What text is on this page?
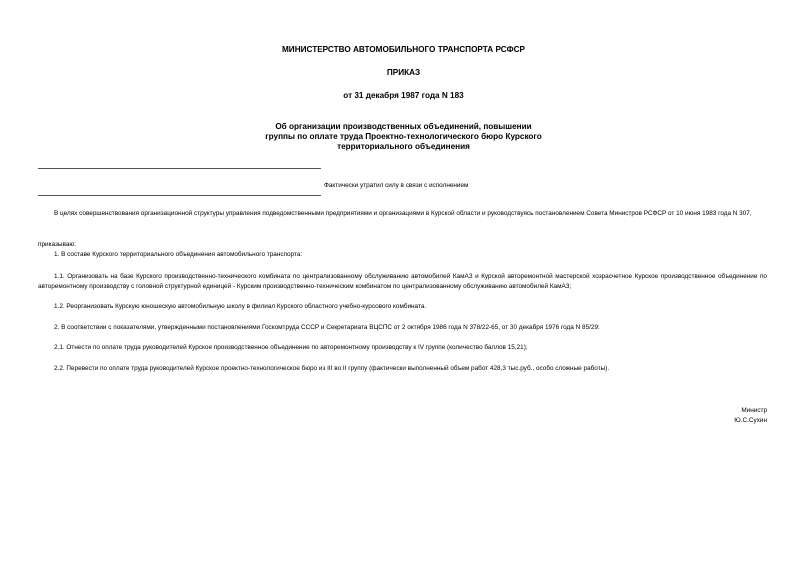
МИНИСТЕРСТВО АВТОМОБИЛЬНОГО ТРАНСПОРТА РСФСР
ПРИКАЗ
от 31 декабря 1987 года N 183
Об организации производственных объединений, повышении
группы по оплате труда Проектно-технологического бюро Курского
территориального объединения
Фактически утратил силу в связи с исполнением

В целях совершенствования организационной структуры управления подведомственными предприятиями и организациями в Курской области и руководствуясь постановлением Совета Министров РСФСР от 10 июня 1983 года N 307,

приказываю:

1. В составе Курского территориального объединения автомобильного транспорта:

1.1. Организовать на базе Курского производственно-технического комбината по централизованному обслуживанию автомобилей КамАЗ и Курской авторемонтной мастерской хозрасчетное Курское производственное объединение по авторемонтному производству с головной структурной единицей - Курским производственно-техническим комбинатом по централизованному обслуживанию автомобилей КамАЗ;

1.2. Реорганизовать Курскую юношескую автомобильную школу в филиал Курского областного учебно-курсового комбината.

2. В соответствии с показателями, утвержденными постановлениями Госкомтруда СССР и Секретариата ВЦСПС от 2 октября 1986 года N 378/22-65, от 30 декабря 1976 года N 85/29:

2.1. Отнести по оплате труда руководителей Курское производственное объединение по авторемонтному производству к IV группе (количество баллов 15,21);

2.2. Перевести по оплате труда руководителей Курское проектно-технологическое бюро из III во II группу (фактически выполненный объем работ 428,3 тыс.руб., особо сложные работы).

Министр
Ю.С.Сухин
